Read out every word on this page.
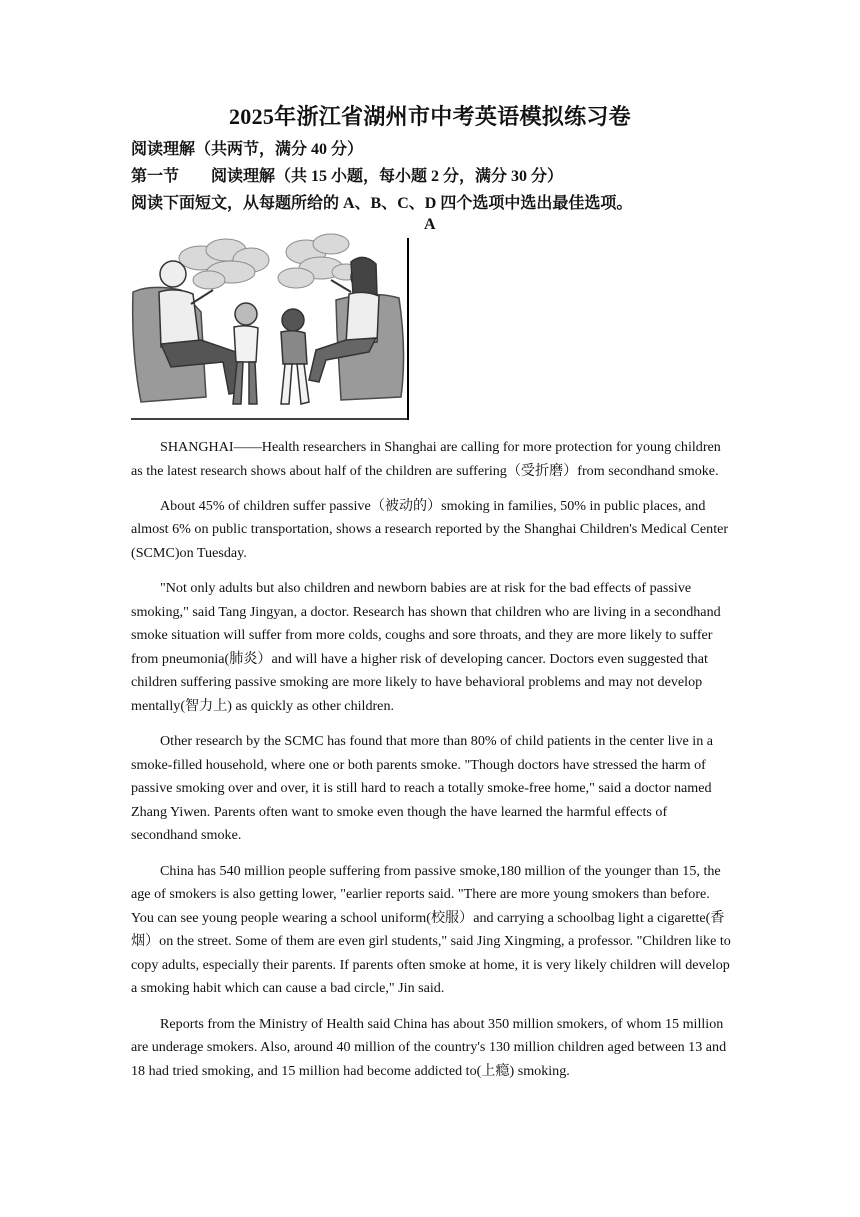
2025年浙江省湖州市中考英语模拟练习卷
阅读理解（共两节，满分 40 分）
第一节　　阅读理解（共 15 小题，每小题 2 分，满分 30 分）
阅读下面短文，从每题所给的 A、B、C、D 四个选项中选出最佳选项。
A

SHANGHAI——Health researchers in Shanghai are calling for more protection for young children as the latest research shows about half of the children are suffering（受折磨）from secondhand smoke.

About 45% of children suffer passive（被动的）smoking in families, 50% in public places, and almost 6% on public transportation, shows a research reported by the Shanghai Children's Medical Center (SCMC)on Tuesday.

"Not only adults but also children and newborn babies are at risk for the bad effects of passive smoking," said Tang Jingyan, a doctor. Research has shown that children who are living in a secondhand smoke situation will suffer from more colds, coughs and sore throats, and they are more likely to suffer from pneumonia(肺炎）and will have a higher risk of developing cancer. Doctors even suggested that children suffering passive smoking are more likely to have behavioral problems and may not develop mentally(智力上) as quickly as other children.

Other research by the SCMC has found that more than 80% of child patients in the center live in a smoke-filled household, where one or both parents smoke. "Though doctors have stressed the harm of passive smoking over and over, it is still hard to reach a totally smoke-free home," said a doctor named Zhang Yiwen. Parents often want to smoke even though the have learned the harmful effects of secondhand smoke.

China has 540 million people suffering from passive smoke,180 million of the younger than 15, the age of smokers is also getting lower, "earlier reports said. "There are more young smokers than before. You can see young people wearing a school uniform(校服）and carrying a schoolbag light a cigarette(香烟）on the street. Some of them are even girl students," said Jing Xingming, a professor. "Children like to copy adults, especially their parents. If parents often smoke at home, it is very likely children will develop a smoking habit which can cause a bad circle," Jin said.

Reports from the Ministry of Health said China has about 350 million smokers, of whom 15 million are underage smokers. Also, around 40 million of the country's 130 million children aged between 13 and 18 had tried smoking, and 15 million had become addicted to(上瘾) smoking.
